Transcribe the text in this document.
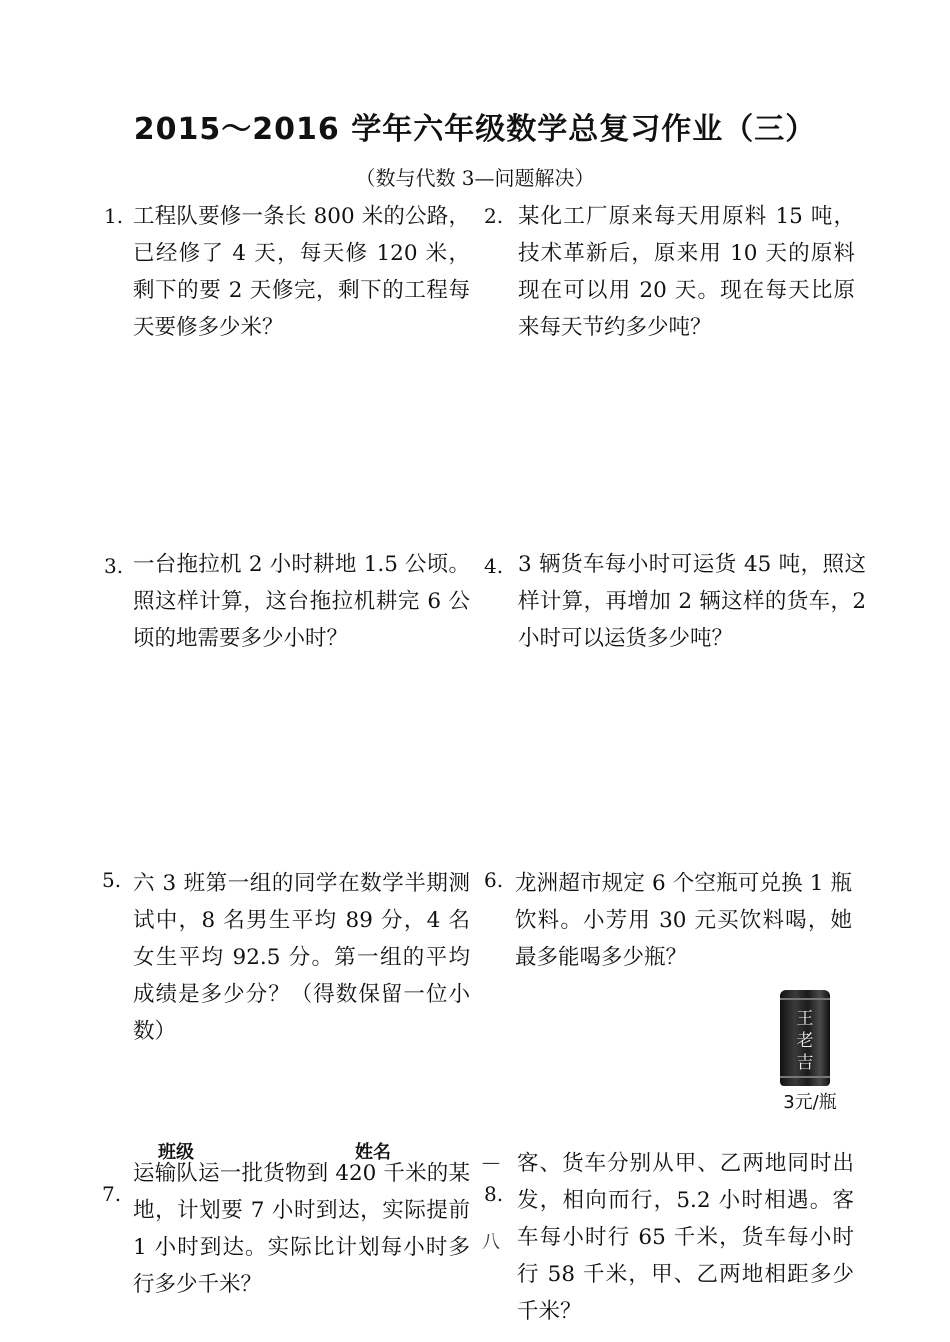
2015～2016 学年六年级数学总复习作业（三）
（数与代数 3—问题解决）
1. 工程队要修一条长 800 米的公路，已经修了 4 天，每天修 120 米，剩下的要 2 天修完，剩下的工程每天要修多少米？
2. 某化工厂原来每天用原料 15 吨，技术革新后，原来用 10 天的原料现在可以用 20 天。现在每天比原来每天节约多少吨？
3. 一台拖拉机 2 小时耕地 1.5 公顷。照这样计算，这台拖拉机耕完 6 公顷的地需要多少小时？
4. 3 辆货车每小时可运货 45 吨，照这样计算，再增加 2 辆这样的货车，2 小时可以运货多少吨？
5. 六 3 班第一组的同学在数学半期测试中，8 名男生平均 89 分，4 名女生平均 92.5 分。第一组的平均成绩是多少分？（得数保留一位小数）
6. 龙洲超市规定 6 个空瓶可兑换 1 瓶饮料。小芳用 30 元买饮料喝，她最多能喝多少瓶？
王老吉
3元/瓶
班级	姓名
7.
运输队运一批货物到 420 千米的某地，计划要 7 小时到达，实际提前 1 小时到达。实际比计划每小时多行多少千米？
—
八
8.
客、货车分别从甲、乙两地同时出发，相向而行，5.2 小时相遇。客车每小时行 65 千米，货车每小时行 58 千米，甲、乙两地相距多少千米？
